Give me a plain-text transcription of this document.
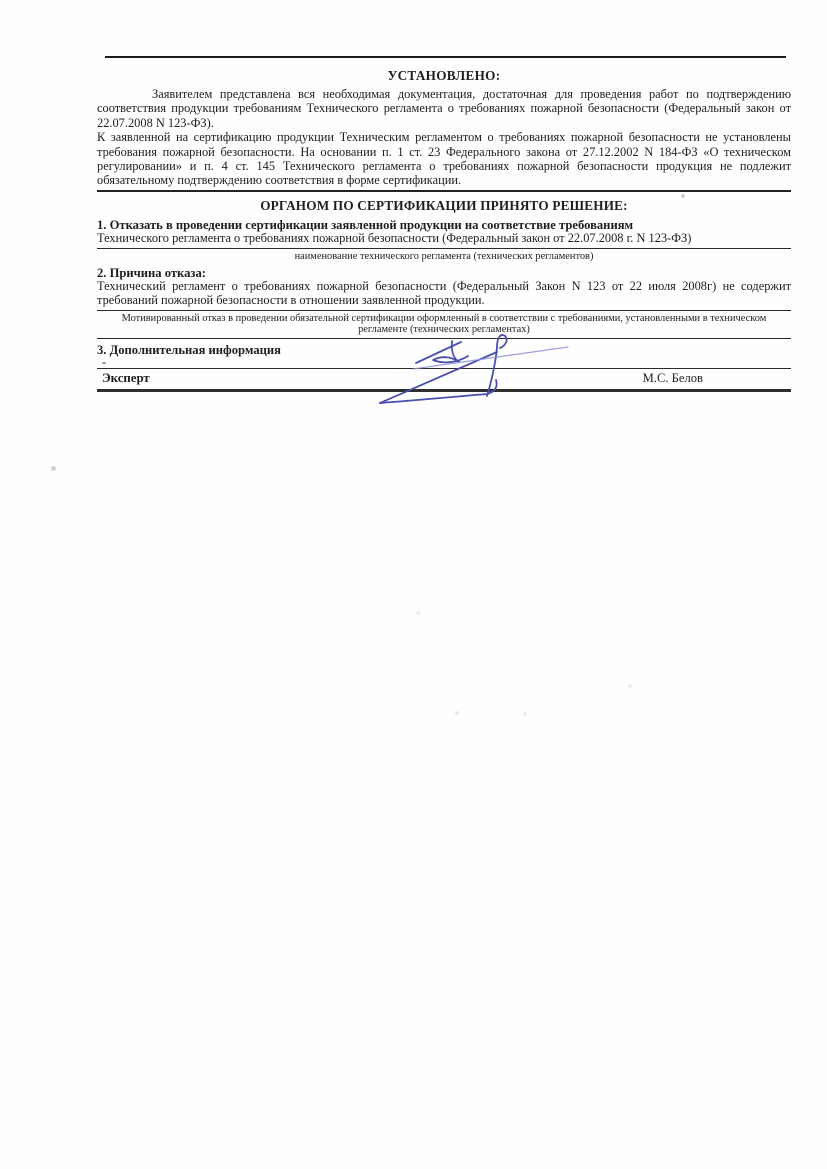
УСТАНОВЛЕНО:
Заявителем представлена вся необходимая документация, достаточная для проведения работ по подтверждению соответствия продукции требованиям Технического регламента о требованиях пожарной безопасности (Федеральный закон от 22.07.2008 N 123-ФЗ).
К заявленной на сертификацию продукции Техническим регламентом о требованиях пожарной безопасности не установлены требования пожарной безопасности. На основании п. 1 ст. 23 Федерального закона от 27.12.2002 N 184-ФЗ «О техническом регулировании» и п. 4 ст. 145 Технического регламента о требованиях пожарной безопасности продукция не подлежит обязательному подтверждению соответствия в форме сертификации.
ОРГАНОМ ПО СЕРТИФИКАЦИИ ПРИНЯТО РЕШЕНИЕ:
1. Отказать в проведении сертификации заявленной продукции на соответствие требованиям
Технического регламента о требованиях пожарной безопасности (Федеральный закон от 22.07.2008 г. N 123-ФЗ)
наименование технического регламента (технических регламентов)
2. Причина отказа:
Технический регламент о требованиях пожарной безопасности (Федеральный Закон N 123 от 22 июля 2008г) не содержит требований пожарной безопасности в отношении заявленной продукции.
Мотивированный отказ в проведении обязательной сертификации оформленный в соответствии с требованиями, установленными в техническом регламенте (технических регламентах)
3. Дополнительная информация
-
Эксперт	М.С. Белов
